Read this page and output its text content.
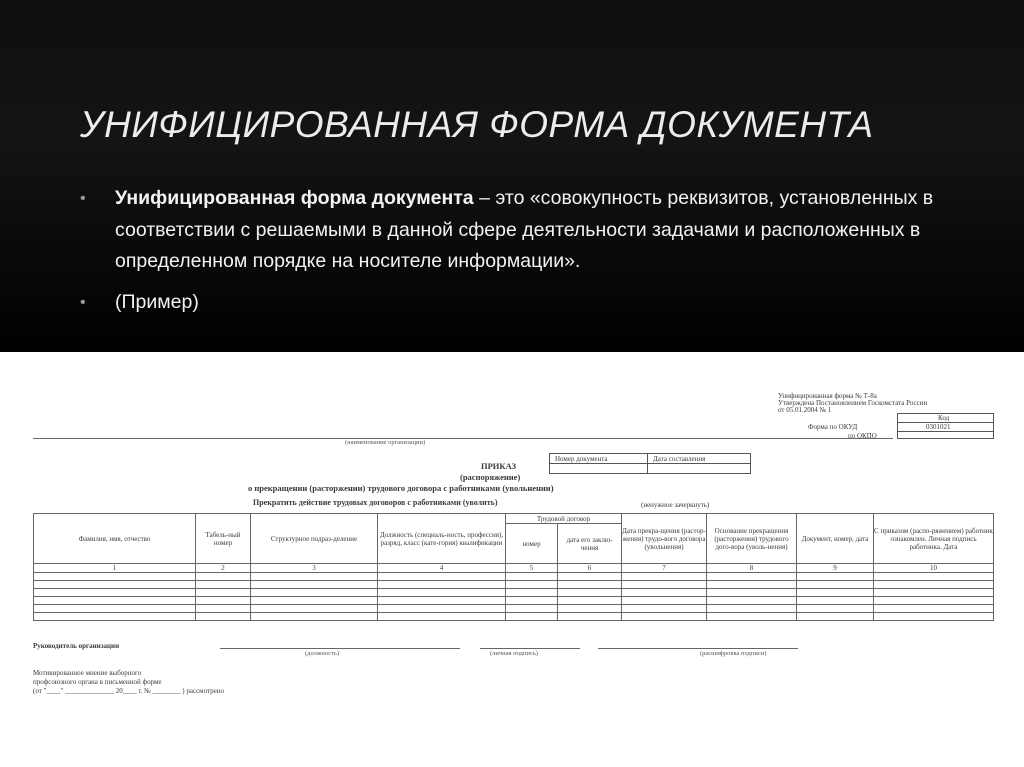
УНИФИЦИРОВАННАЯ ФОРМА ДОКУМЕНТА
• Унифицированная форма документа – это «совокупность реквизитов, установленных в соответствии с решаемыми в данной сфере деятельности задачами и расположенных в определенном порядке на носителе информации».
• (Пример)
Унифицированная форма № Т-8а
Утверждена Постановлением Госкомстата России
от 05.01.2004 № 1
Код
0301021
Форма по ОКУД
по ОКПО
(наименование организации)
Номер документа	Дата составления
ПРИКАЗ
(распоряжение)
о прекращении (расторжении) трудового договора с работниками (увольнении)
Прекратить действие трудовых договоров с работниками (уволить)	(ненужное зачеркнуть)
Фамилия, имя, отчество	Табель-ный номер	Структурное подраз-деление	Должность (специаль-ность, профессия), разряд, класс (кате-гория) квалификации	Трудовой договор		Дата прекра-щения (растор-жения) трудо-вого договора (увольнения)	Основание прекращения (расторжения) трудового дого-вора (уволь-нения)	Документ, номер, дата	С приказом (распо-ряжением) работник ознакомлен. Личная подпись работника. Дата
				номер	дата его заклю-чения				
1	2	3	4	5	6	7	8	9	10

Руководитель организации
(должность)	(личная подпись)	(расшифровка подписи)
Мотивированное мнение выборного
профсоюзного органа в письменной форме
(от "____" ______________ 20____ г. № ________ ) рассмотрено
